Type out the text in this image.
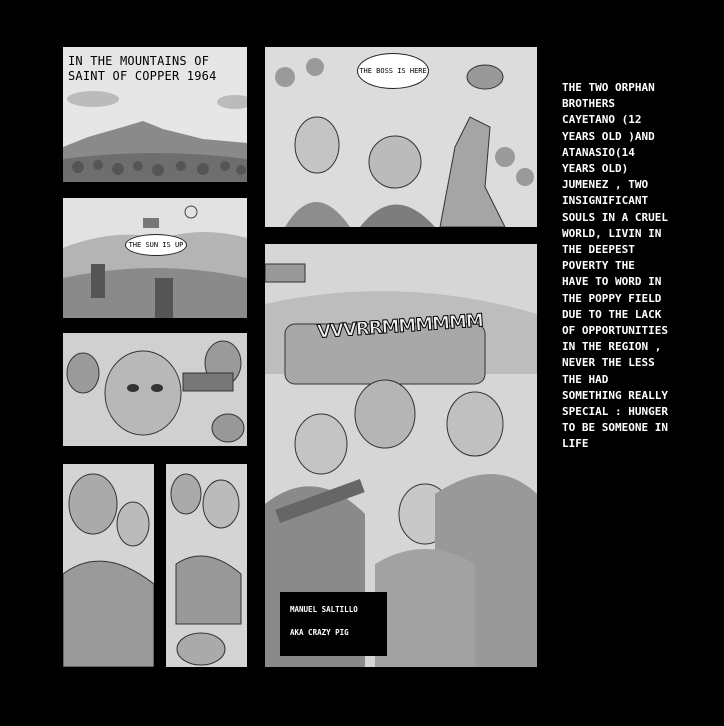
IN THE MOUNTAINS OF
SAINT OF COPPER 1964	THE BOSS IS HERE
THE SUN IS UP
VVVRRMMMMMM
MANUEL SALTILLO
AKA CRAZY PIG
THE TWO ORPHAN
BROTHERS
CAYETANO (12
YEARS OLD )AND
ATANASIO(14
YEARS OLD)
JUMENEZ , TWO
INSIGNIFICANT
SOULS IN A CRUEL
WORLD, LIVIN IN
THE DEEPEST
POVERTY THE
HAVE TO WORD IN
THE POPPY FIELD
DUE TO THE LACK
OF OPPORTUNITIES
IN THE REGION ,
NEVER THE LESS
THE HAD
SOMETHING REALLY
SPECIAL : HUNGER
TO BE SOMEONE IN
LIFE
